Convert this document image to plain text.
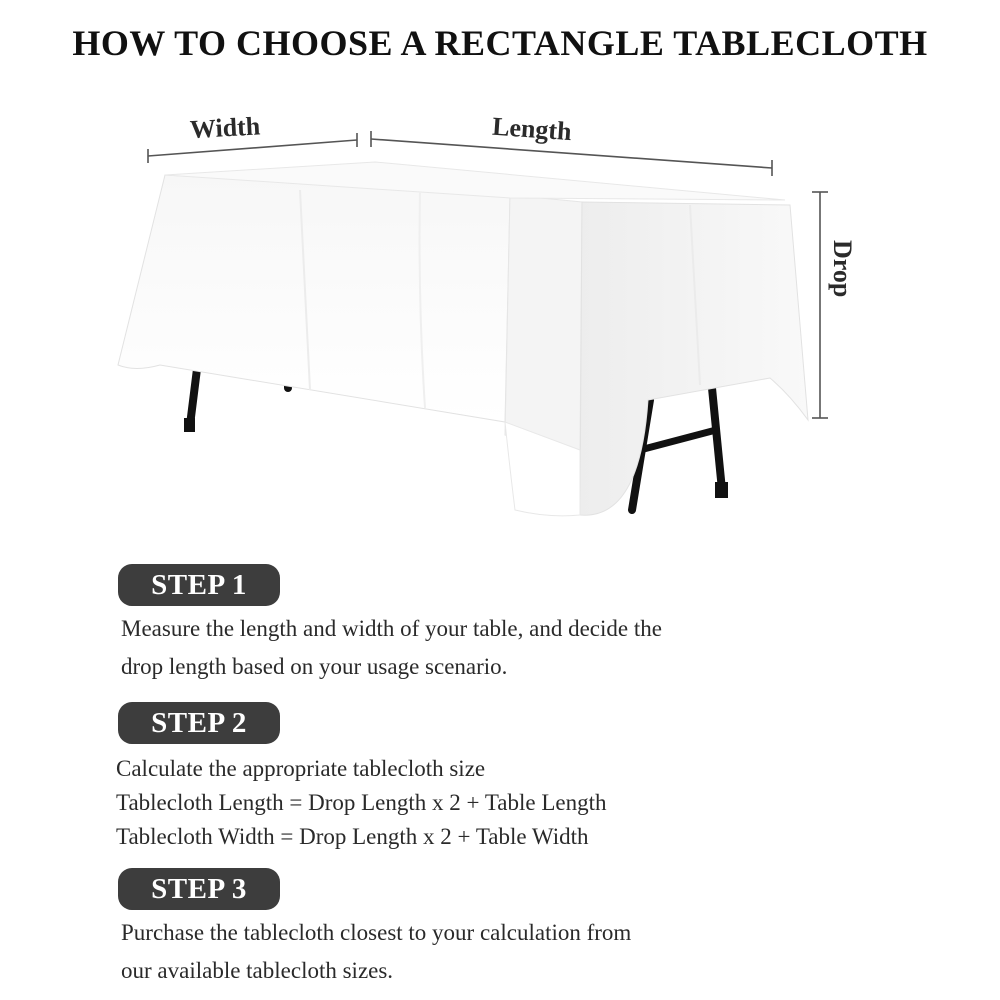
HOW TO CHOOSE A RECTANGLE TABLECLOTH
Width	Length
Drop
STEP 1
Measure the length and width of your table, and decide the
drop length based on your usage scenario.
STEP 2
Calculate the appropriate tablecloth size
Tablecloth Length = Drop Length x 2 + Table Length
Tablecloth Width = Drop Length x 2 + Table Width
STEP 3
Purchase the tablecloth closest to your calculation from
our available tablecloth sizes.
